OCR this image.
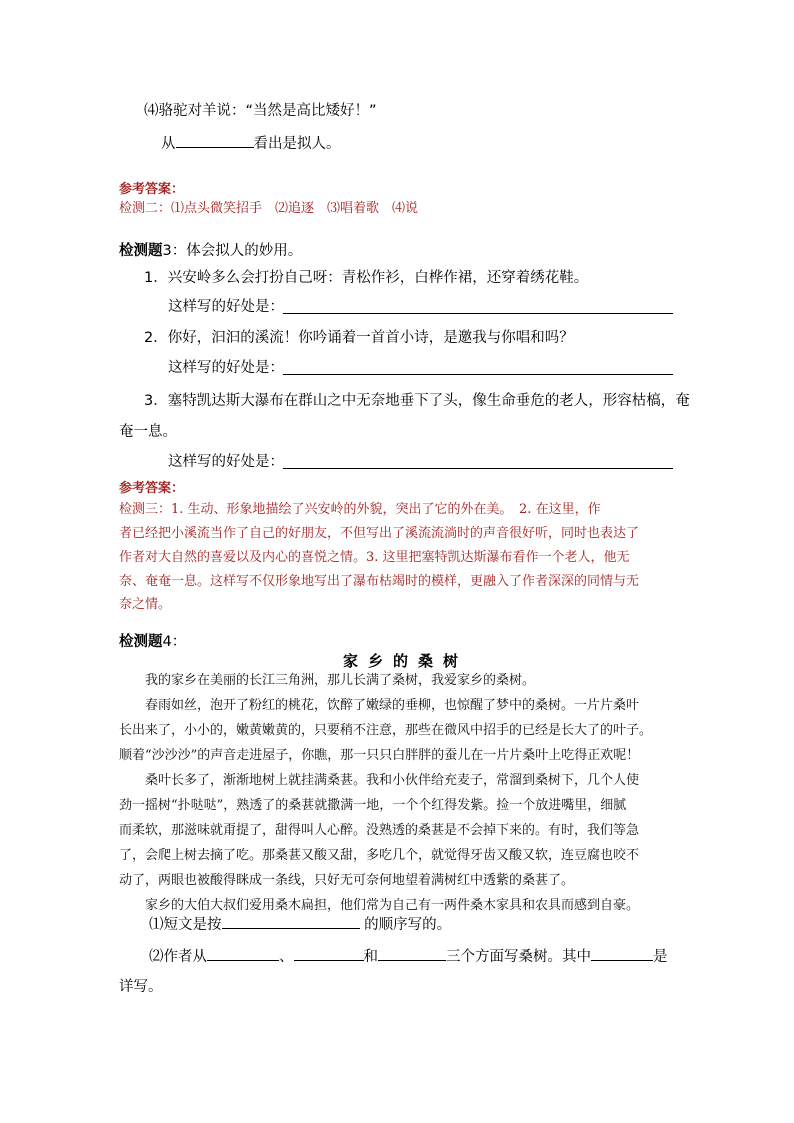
⑷骆驼对羊说：“当然是高比矮好！”
从	看出是拟人。
参考答案：
检测二：⑴点头微笑招手　⑵追逐　⑶唱着歌　⑷说
检测题3：体会拟人的妙用。
1．兴安岭多么会打扮自己呀：青松作衫，白桦作裙，还穿着绣花鞋。
这样写的好处是：
2．你好，汩汩的溪流！你吟诵着一首首小诗，是邀我与你唱和吗？
这样写的好处是：
3．塞特凯达斯大瀑布在群山之中无奈地垂下了头，像生命垂危的老人，形容枯槁，奄
奄一息。
这样写的好处是：
参考答案：
检测三：1. 生动、形象地描绘了兴安岭的外貌，突出了它的外在美。　2. 在这里，作
者已经把小溪流当作了自己的好朋友，不但写出了溪流流淌时的声音很好听，同时也表达了
作者对大自然的喜爱以及内心的喜悦之情。3. 这里把塞特凯达斯瀑布看作一个老人，他无
奈、奄奄一息。这样写不仅形象地写出了瀑布枯竭时的模样，更融入了作者深深的同情与无
奈之情。
检测题4：
家乡的桑树
　　我的家乡在美丽的长江三角洲，那儿长满了桑树，我爱家乡的桑树。
　　春雨如丝，泡开了粉红的桃花，饮醉了嫩绿的垂柳，也惊醒了梦中的桑树。一片片桑叶
长出来了，小小的，嫩黄嫩黄的，只要稍不注意，那些在微风中招手的已经是长大了的叶子。
顺着“沙沙沙”的声音走进屋子，你瞧，那一只只白胖胖的蚕儿在一片片桑叶上吃得正欢呢！
　　桑叶长多了，渐渐地树上就挂满桑葚。我和小伙伴给充麦子，常溜到桑树下，几个人使
劲一摇树“扑哒哒”，熟透了的桑葚就撒满一地，一个个红得发紫。捡一个放进嘴里，细腻
而柔软，那滋味就甭提了，甜得叫人心醉。没熟透的桑葚是不会掉下来的。有时，我们等急
了，会爬上树去摘了吃。那桑葚又酸又甜，多吃几个，就觉得牙齿又酸又软，连豆腐也咬不
动了，两眼也被酸得眯成一条线，只好无可奈何地望着满树红中透紫的桑葚了。
　　家乡的大伯大叔们爱用桑木扁担，他们常为自己有一两件桑木家具和农具而感到自豪。
⑴短文是按	的顺序写的。
⑵作者从	、	和	三个方面写桑树。其中	是
详写。
